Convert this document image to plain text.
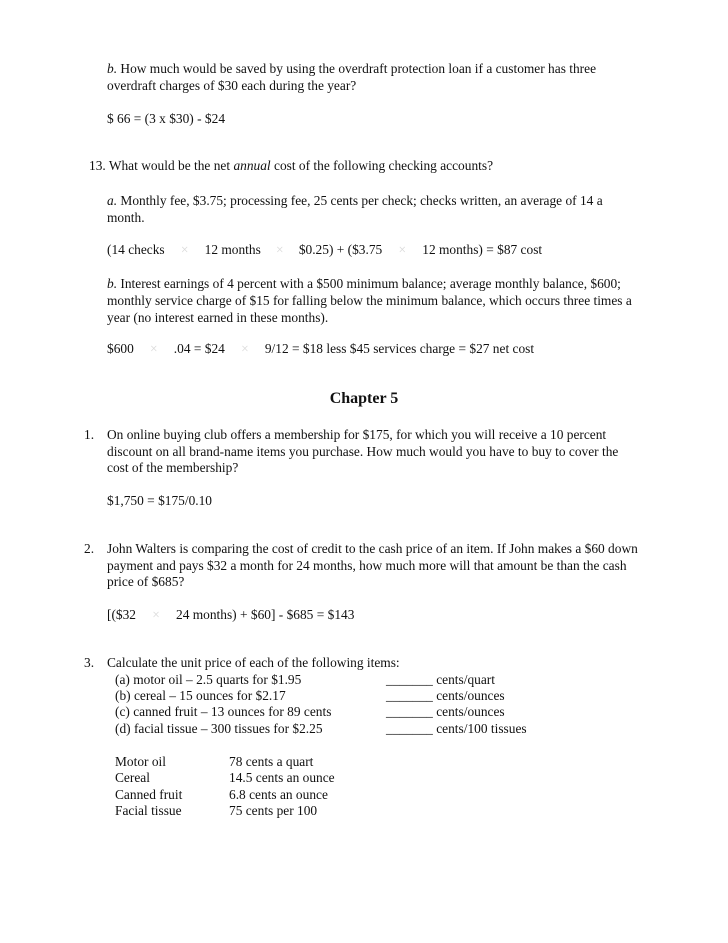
b. How much would be saved by using the overdraft protection loan if a customer has three
overdraft charges of $30 each during the year?
$ 66 = (3 x $30) - $24
13. What would be the net annual cost of the following checking accounts?
a. Monthly fee, $3.75; processing fee, 25 cents per check; checks written, an average of 14 a
month.
(14 checks × 12 months × $0.25) + ($3.75 × 12 months) = $87 cost
b. Interest earnings of 4 percent with a $500 minimum balance; average monthly balance, $600;
monthly service charge of $15 for falling below the minimum balance, which occurs three times a
year (no interest earned in these months).
$600 × .04 = $24 × 9/12 = $18 less $45 services charge = $27 net cost
Chapter 5
1. On online buying club offers a membership for $175, for which you will receive a 10 percent
discount on all brand-name items you purchase. How much would you have to buy to cover the
cost of the membership?
$1,750 = $175/0.10
2. John Walters is comparing the cost of credit to the cash price of an item. If John makes a $60 down
payment and pays $32 a month for 24 months, how much more will that amount be than the cash
price of $685?
[($32 × 24 months) + $60] - $685 = $143
3. Calculate the unit price of each of the following items:
(a) motor oil – 2.5 quarts for $1.95	_______ cents/quart
(b) cereal – 15 ounces for $2.17	_______ cents/ounces
(c) canned fruit – 13 ounces for 89 cents	_______ cents/ounces
(d) facial tissue – 300 tissues for $2.25	_______ cents/100 tissues
Motor oil	78 cents a quart
Cereal	14.5 cents an ounce
Canned fruit	6.8 cents an ounce
Facial tissue	75 cents per 100
